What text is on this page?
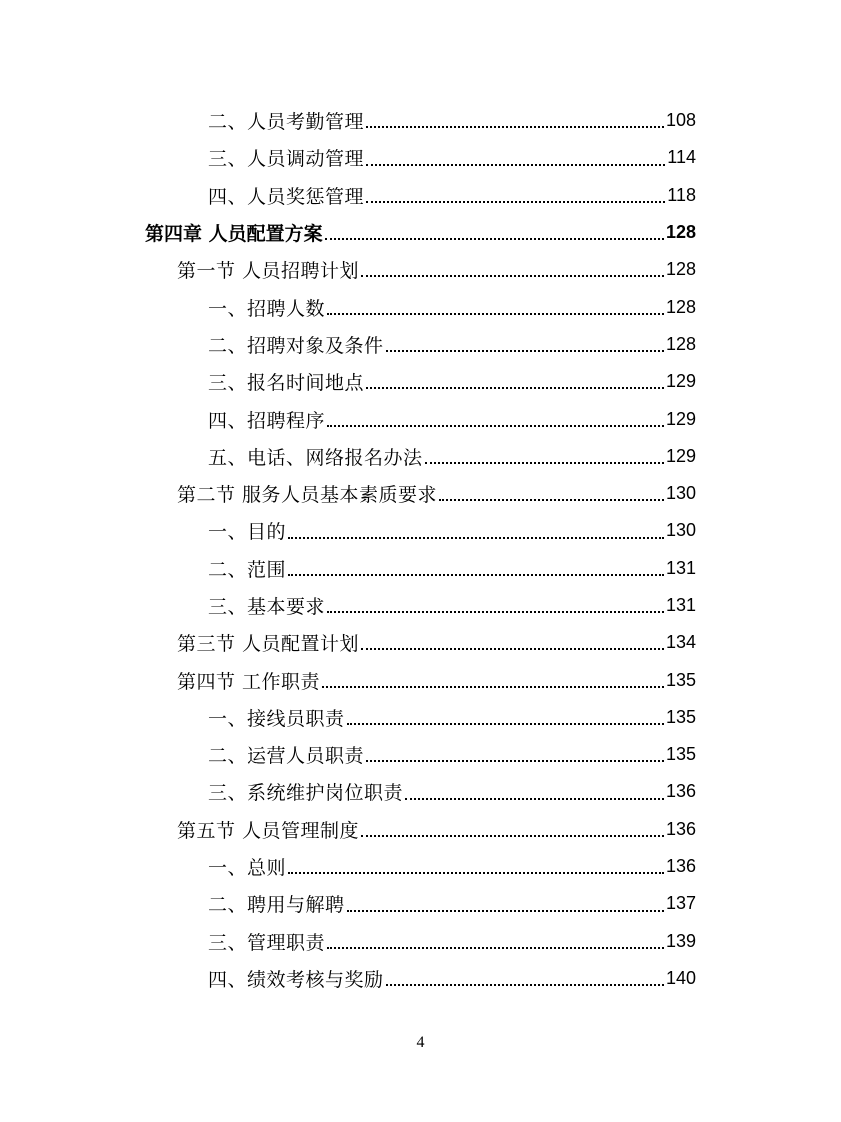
二、人员考勤管理	108
三、人员调动管理	114
四、人员奖惩管理	118
第四章 人员配置方案	128
第一节 人员招聘计划	128
一、招聘人数	128
二、招聘对象及条件	128
三、报名时间地点	129
四、招聘程序	129
五、电话、网络报名办法	129
第二节 服务人员基本素质要求	130
一、目的	130
二、范围	131
三、基本要求	131
第三节 人员配置计划	134
第四节 工作职责	135
一、接线员职责	135
二、运营人员职责	135
三、系统维护岗位职责	136
第五节 人员管理制度	136
一、总则	136
二、聘用与解聘	137
三、管理职责	139
四、绩效考核与奖励	140
4
